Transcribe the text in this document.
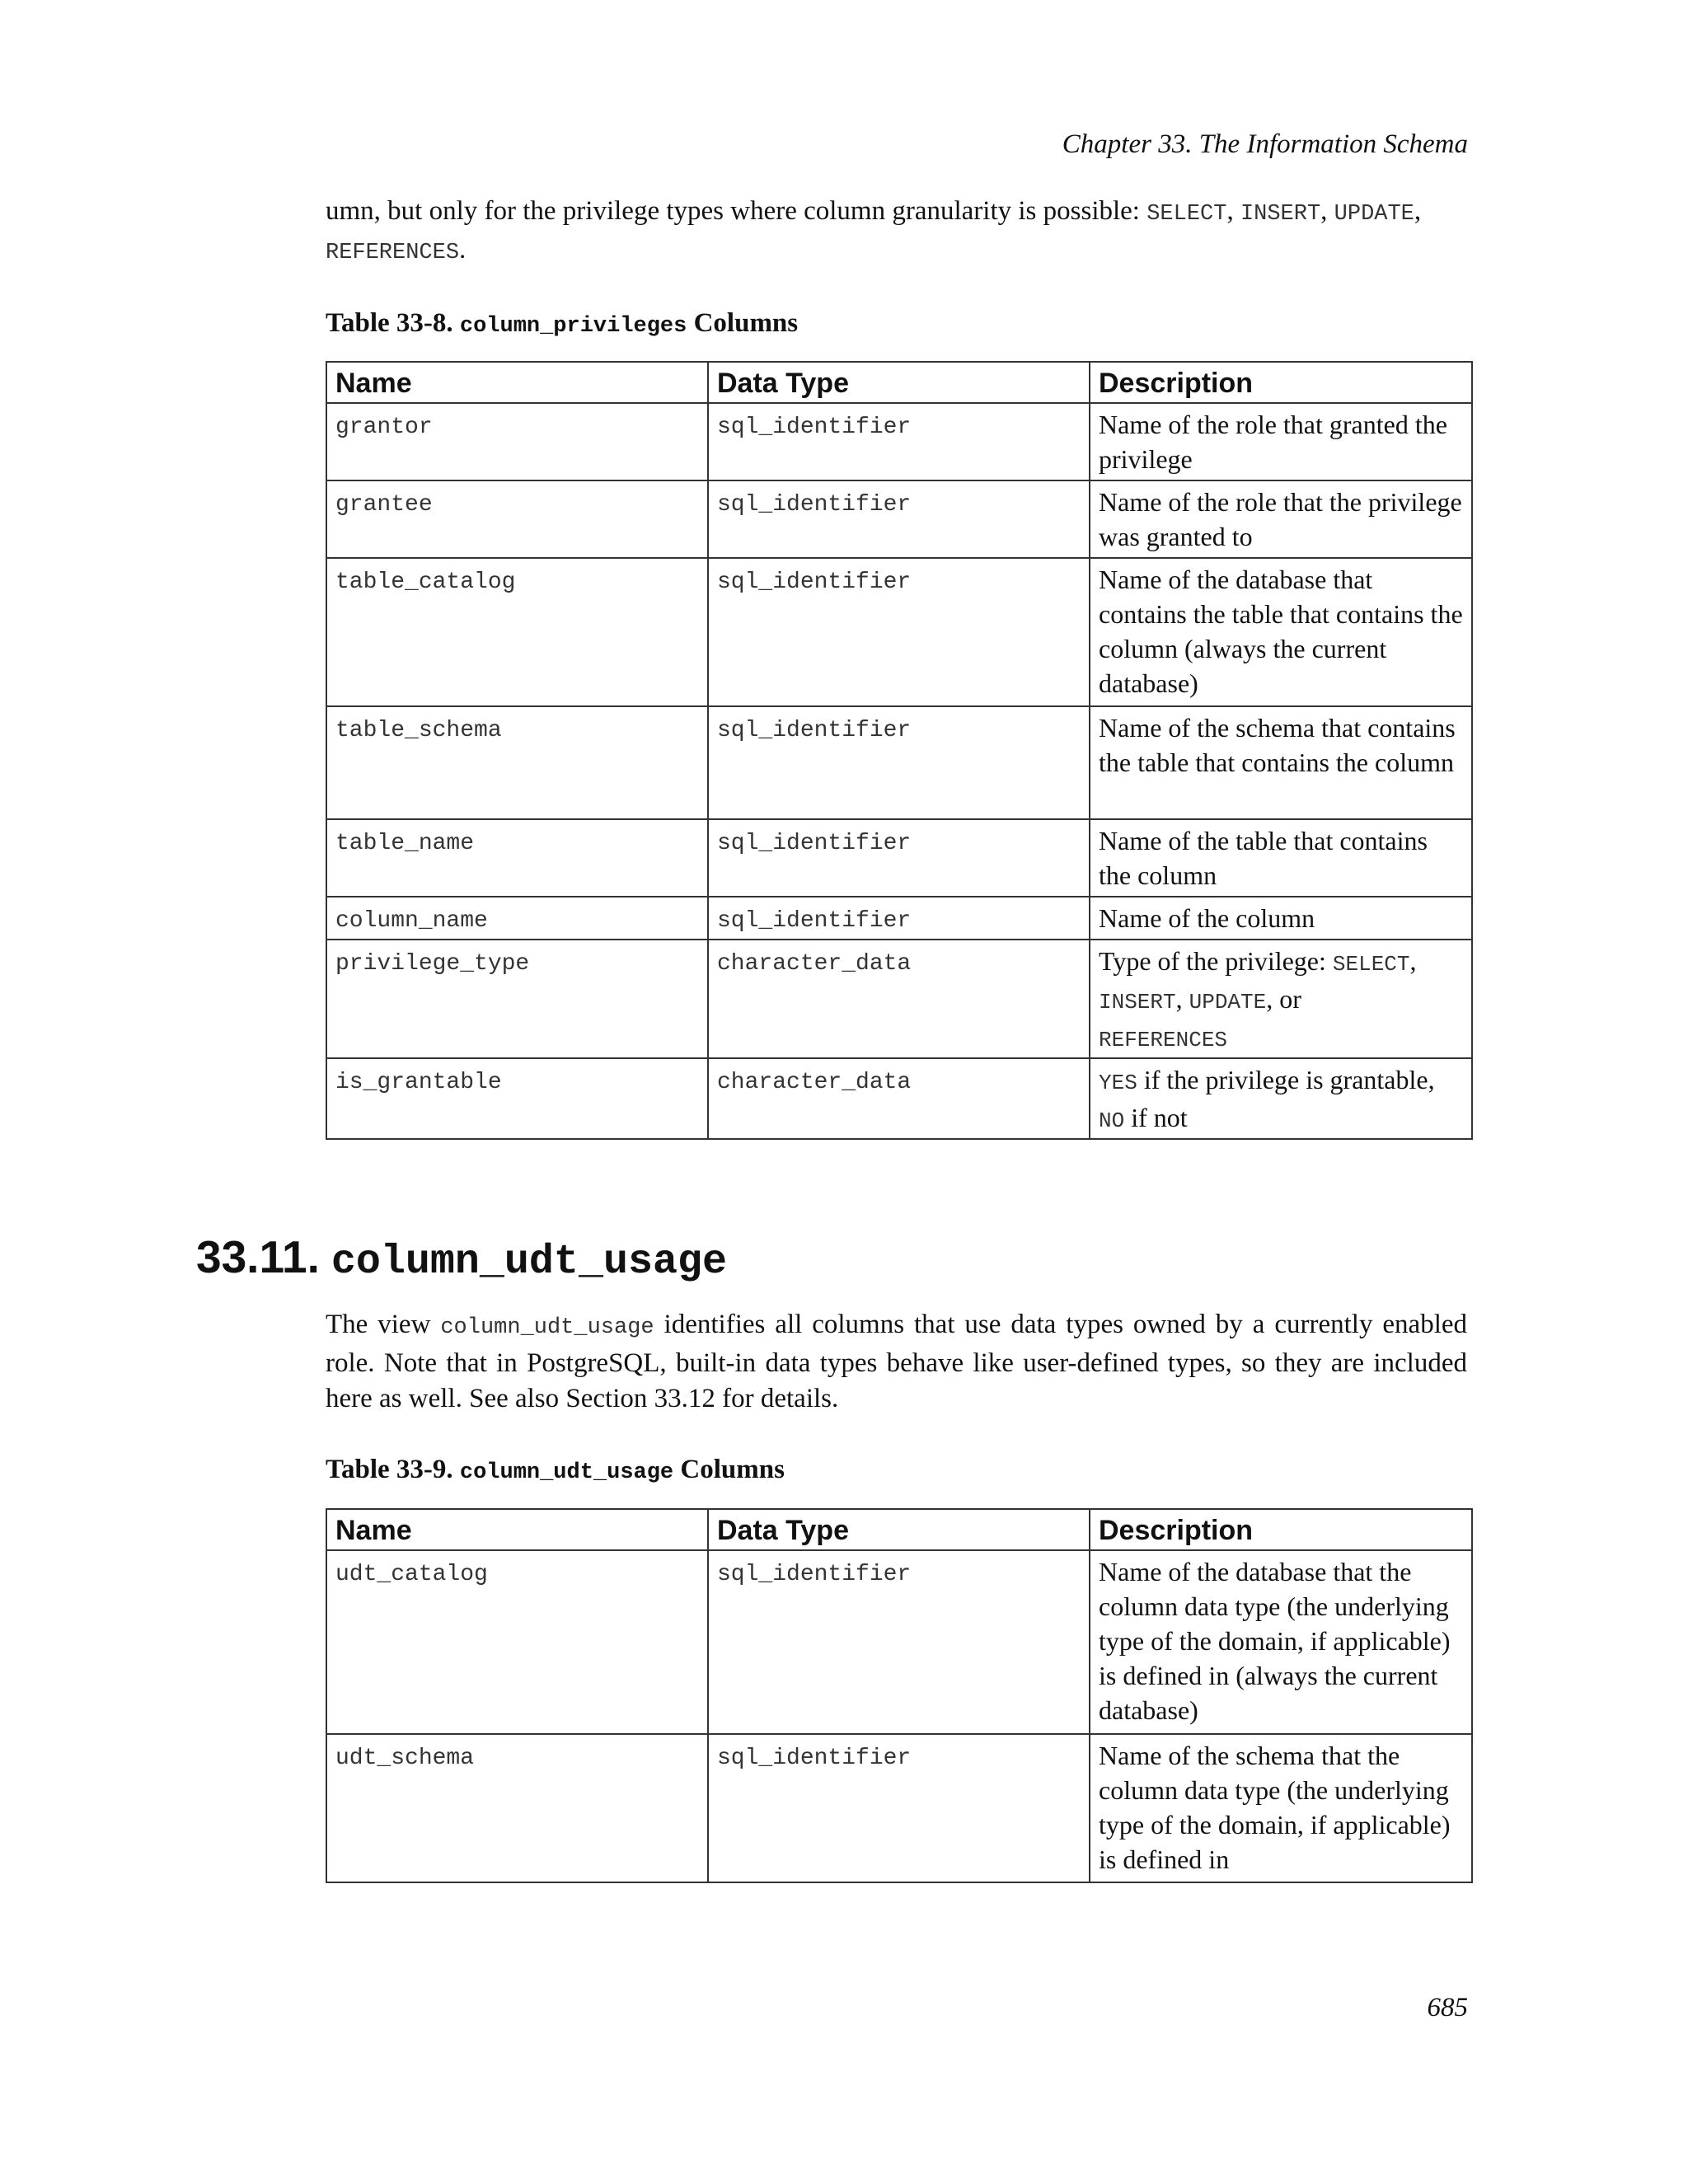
Chapter 33. The Information Schema

umn, but only for the privilege types where column granularity is possible: SELECT, INSERT, UPDATE,
REFERENCES.

Table 33-8. column_privileges Columns
Name	Data Type	Description
grantor	sql_identifier	Name of the role that granted the privilege
grantee	sql_identifier	Name of the role that the privilege was granted to
table_catalog	sql_identifier	Name of the database that contains the table that contains the column (always the current database)
table_schema	sql_identifier	Name of the schema that contains the table that contains the column
table_name	sql_identifier	Name of the table that contains the column
column_name	sql_identifier	Name of the column
privilege_type	character_data	Type of the privilege: SELECT,
INSERT, UPDATE, or
REFERENCES
is_grantable	character_data	YES if the privilege is grantable,
NO if not
33.11. column_udt_usage

The view column_udt_usage identifies all columns that use data types owned by a currently enabled role. Note that in PostgreSQL, built-in data types behave like user-defined types, so they are included here as well. See also Section 33.12 for details.

Table 33-9. column_udt_usage Columns
Name	Data Type	Description
udt_catalog	sql_identifier	Name of the database that the column data type (the underlying type of the domain, if applicable) is defined in (always the current database)
udt_schema	sql_identifier	Name of the schema that the column data type (the underlying type of the domain, if applicable) is defined in
685
